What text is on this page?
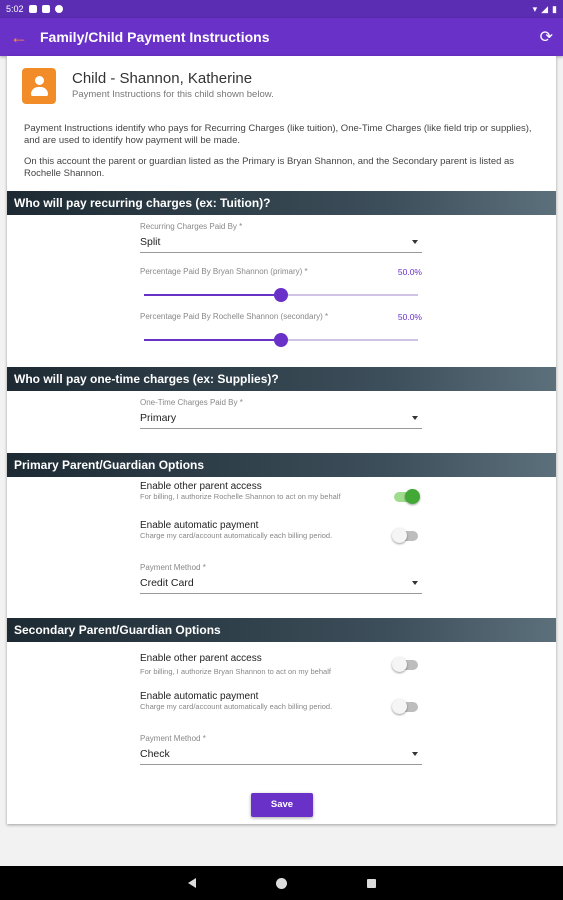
5:02	▾ ◢ ▮
← Family/Child Payment Instructions	⟳
Child - Shannon, Katherine
Payment Instructions for this child shown below.
Payment Instructions identify who pays for Recurring Charges (like tuition), One-Time Charges (like field trip or supplies), and are used to identify how payment will be made.
On this account the parent or guardian listed as the Primary is Bryan Shannon, and the Secondary parent is listed as Rochelle Shannon.
Who will pay recurring charges (ex: Tuition)?
Recurring Charges Paid By *
Split
Percentage Paid By Bryan Shannon (primary) *	50.0%
Percentage Paid By Rochelle Shannon (secondary) *	50.0%
Who will pay one-time charges (ex: Supplies)?
One-Time Charges Paid By *
Primary
Primary Parent/Guardian Options
Enable other parent access
For billing, I authorize Rochelle Shannon to act on my behalf
Enable automatic payment
Charge my card/account automatically each billing period.
Payment Method *
Credit Card
Secondary Parent/Guardian Options
Enable other parent access
For billing, I authorize Bryan Shannon to act on my behalf
Enable automatic payment
Charge my card/account automatically each billing period.
Payment Method *
Check
Save
